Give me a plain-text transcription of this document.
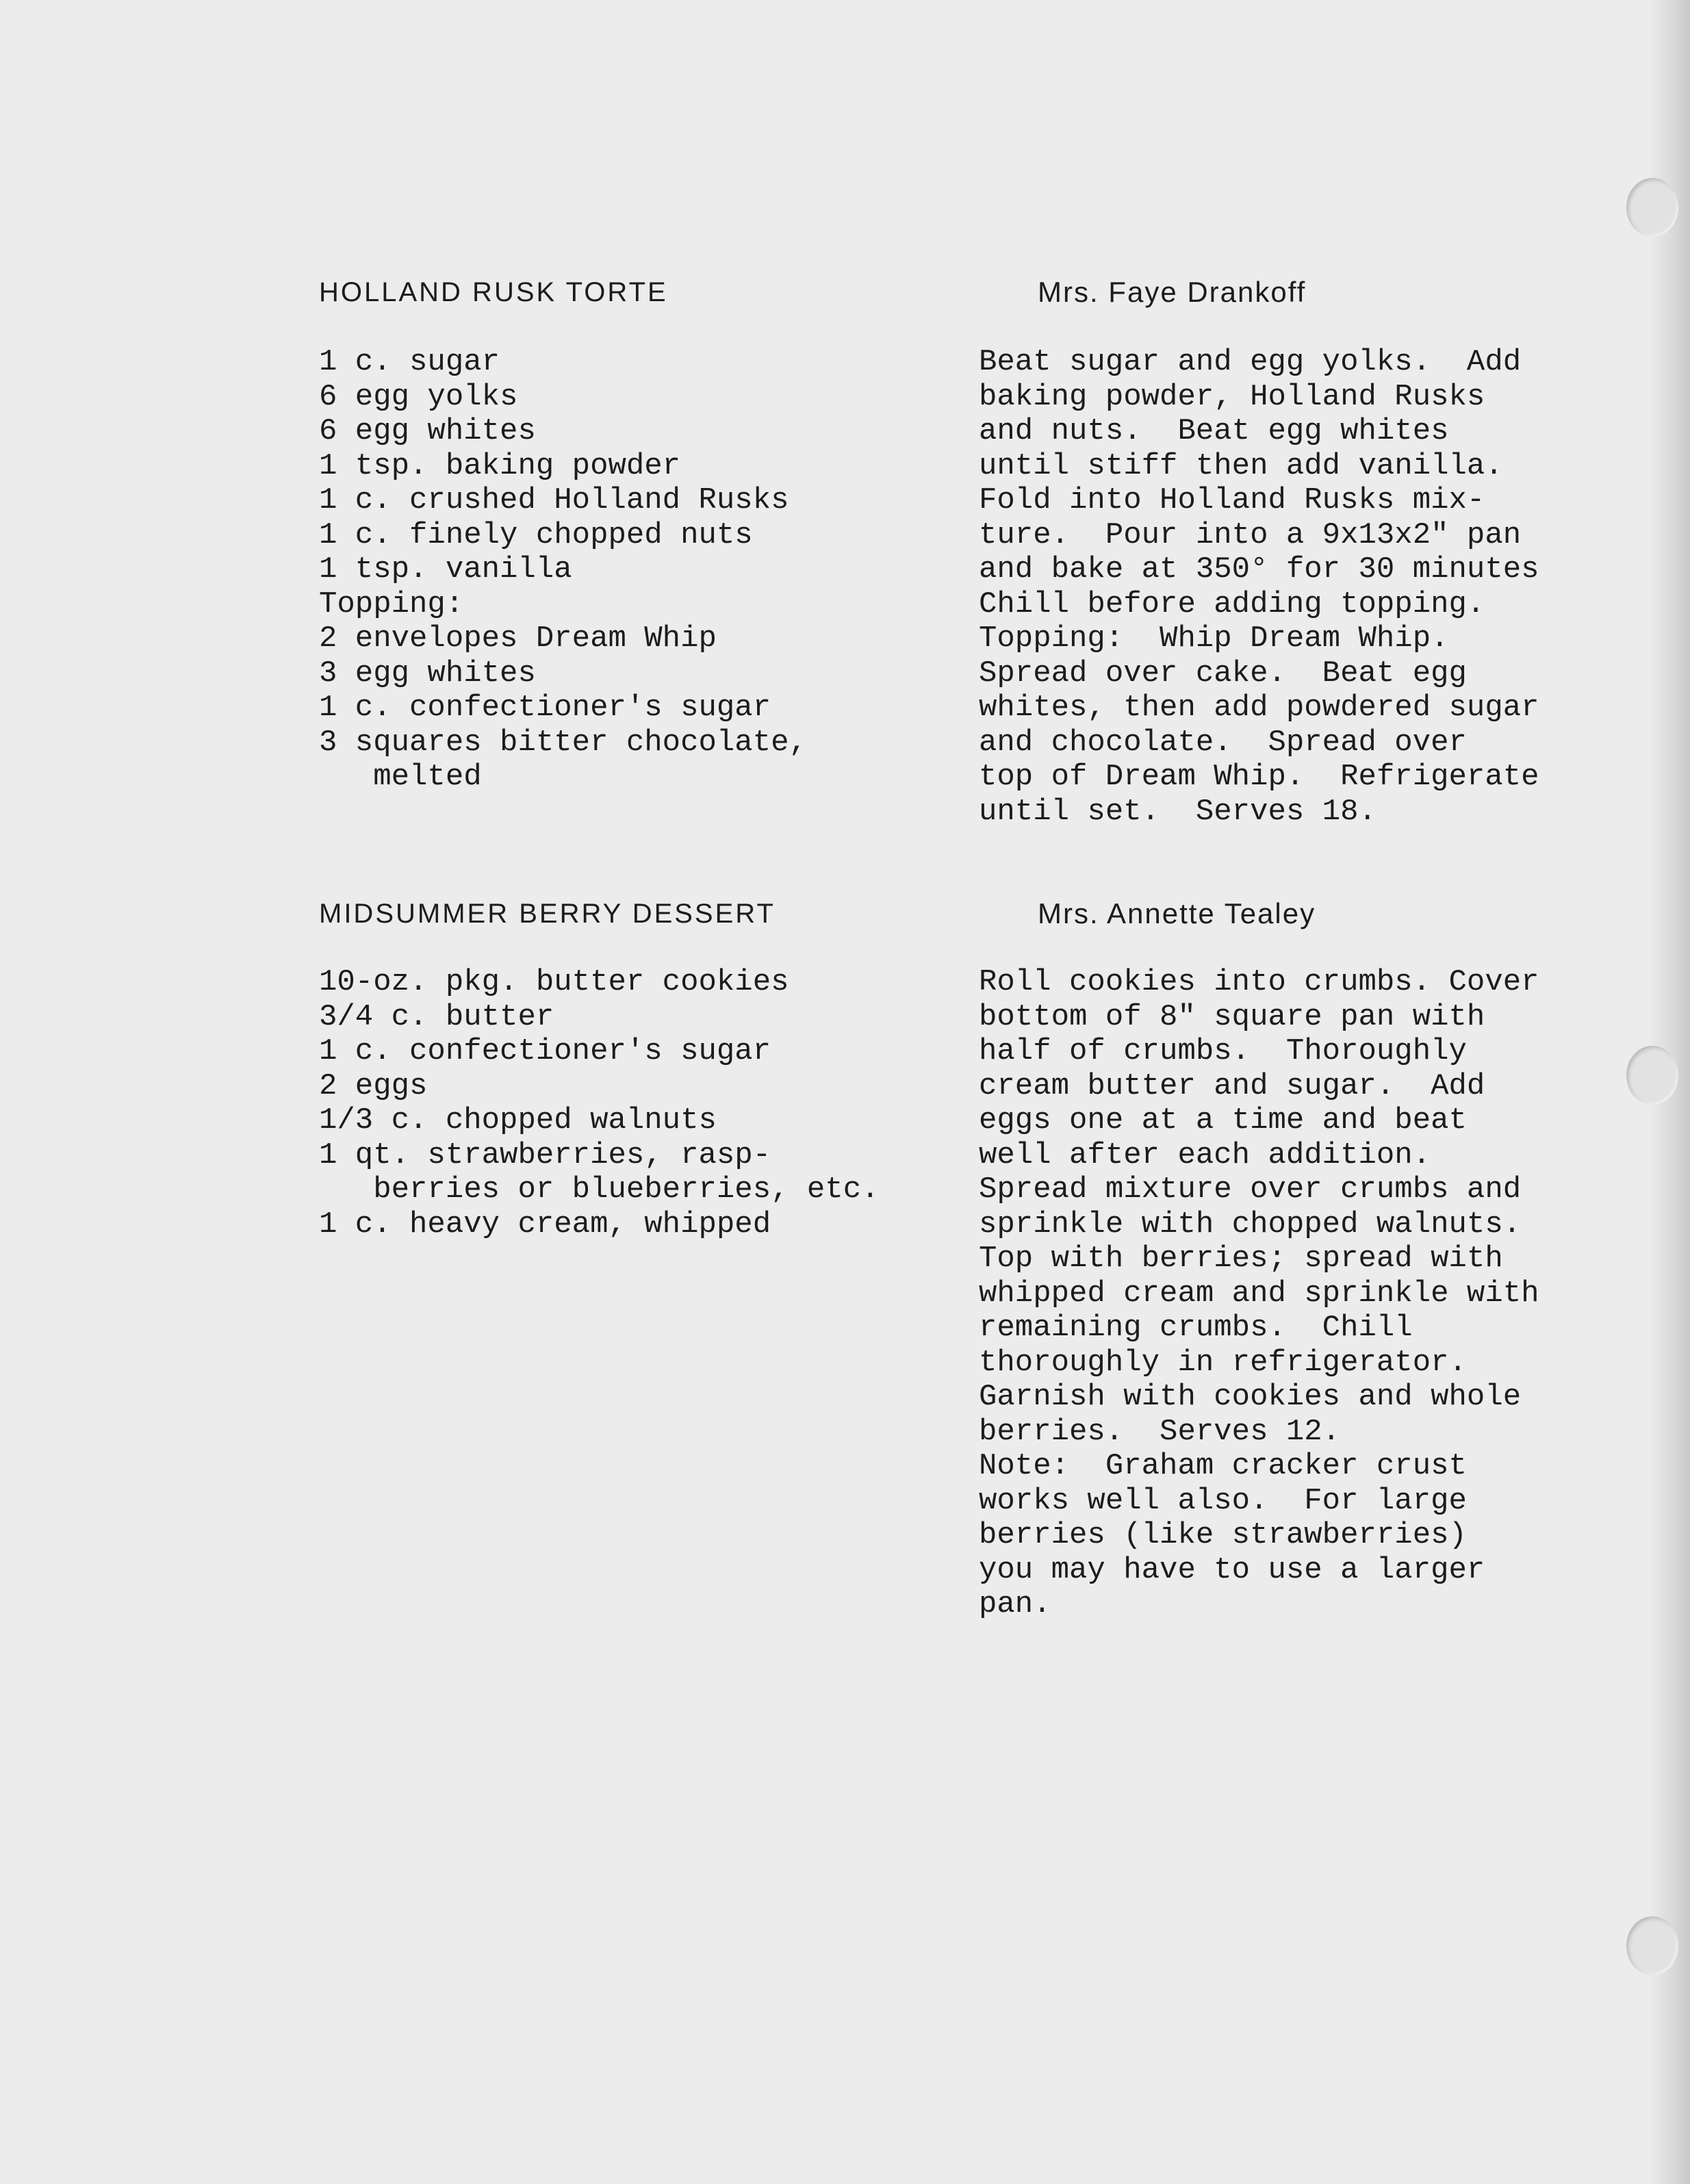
HOLLAND RUSK TORTE	Mrs. Faye Drankoff
1 c. sugar
6 egg yolks
6 egg whites
1 tsp. baking powder
1 c. crushed Holland Rusks
1 c. finely chopped nuts
1 tsp. vanilla
Topping:
2 envelopes Dream Whip
3 egg whites
1 c. confectioner's sugar
3 squares bitter chocolate,
melted
Beat sugar and egg yolks.  Add
baking powder, Holland Rusks
and nuts.  Beat egg whites
until stiff then add vanilla.
Fold into Holland Rusks mix-
ture.  Pour into a 9x13x2" pan
and bake at 350° for 30 minutes
Chill before adding topping.
Topping:  Whip Dream Whip.
Spread over cake.  Beat egg
whites, then add powdered sugar
and chocolate.  Spread over
top of Dream Whip.  Refrigerate
until set.  Serves 18.
MIDSUMMER BERRY DESSERT	Mrs. Annette Tealey
10-oz. pkg. butter cookies
3/4 c. butter
1 c. confectioner's sugar
2 eggs
1/3 c. chopped walnuts
1 qt. strawberries, rasp-
berries or blueberries, etc.
1 c. heavy cream, whipped
Roll cookies into crumbs. Cover
bottom of 8" square pan with
half of crumbs.  Thoroughly
cream butter and sugar.  Add
eggs one at a time and beat
well after each addition.
Spread mixture over crumbs and
sprinkle with chopped walnuts.
Top with berries; spread with
whipped cream and sprinkle with
remaining crumbs.  Chill
thoroughly in refrigerator.
Garnish with cookies and whole
berries.  Serves 12.
Note:  Graham cracker crust
works well also.  For large
berries (like strawberries)
you may have to use a larger
pan.
